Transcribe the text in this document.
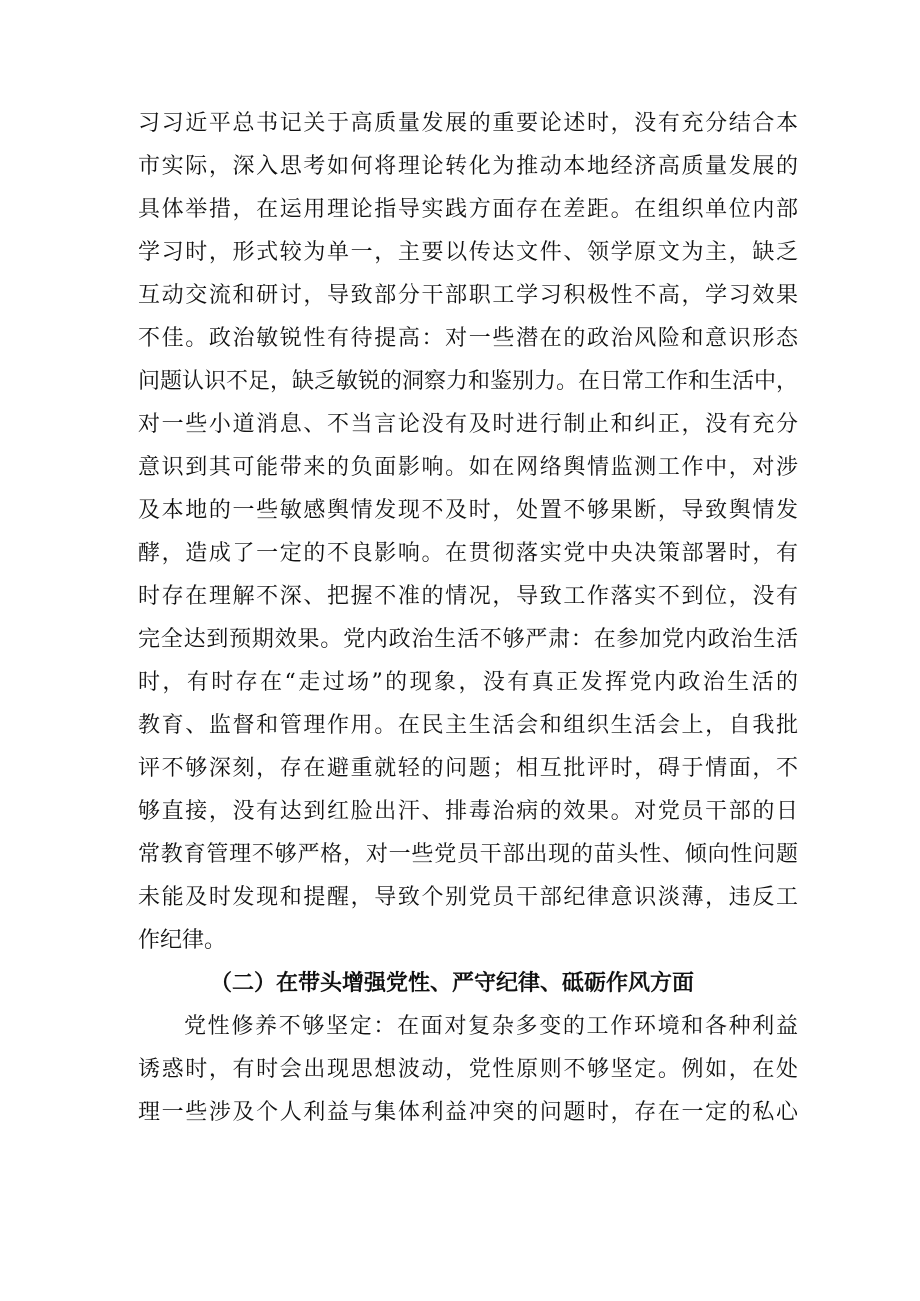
习习近平总书记关于高质量发展的重要论述时，没有充分结合本
市实际，深入思考如何将理论转化为推动本地经济高质量发展的
具体举措，在运用理论指导实践方面存在差距。在组织单位内部
学习时，形式较为单一，主要以传达文件、领学原文为主，缺乏
互动交流和研讨，导致部分干部职工学习积极性不高，学习效果
不佳。政治敏锐性有待提高：对一些潜在的政治风险和意识形态
问题认识不足，缺乏敏锐的洞察力和鉴别力。在日常工作和生活中，
对一些小道消息、不当言论没有及时进行制止和纠正，没有充分
意识到其可能带来的负面影响。如在网络舆情监测工作中，对涉
及本地的一些敏感舆情发现不及时，处置不够果断，导致舆情发
酵，造成了一定的不良影响。在贯彻落实党中央决策部署时，有
时存在理解不深、把握不准的情况，导致工作落实不到位，没有
完全达到预期效果。党内政治生活不够严肃：在参加党内政治生活
时，有时存在“走过场”的现象，没有真正发挥党内政治生活的
教育、监督和管理作用。在民主生活会和组织生活会上，自我批
评不够深刻，存在避重就轻的问题；相互批评时，碍于情面，不
够直接，没有达到红脸出汗、排毒治病的效果。对党员干部的日
常教育管理不够严格，对一些党员干部出现的苗头性、倾向性问题
未能及时发现和提醒，导致个别党员干部纪律意识淡薄，违反工
作纪律。
（二）在带头增强党性、严守纪律、砥砺作风方面
党性修养不够坚定：在面对复杂多变的工作环境和各种利益
诱惑时，有时会出现思想波动，党性原则不够坚定。例如，在处
理一些涉及个人利益与集体利益冲突的问题时，存在一定的私心
